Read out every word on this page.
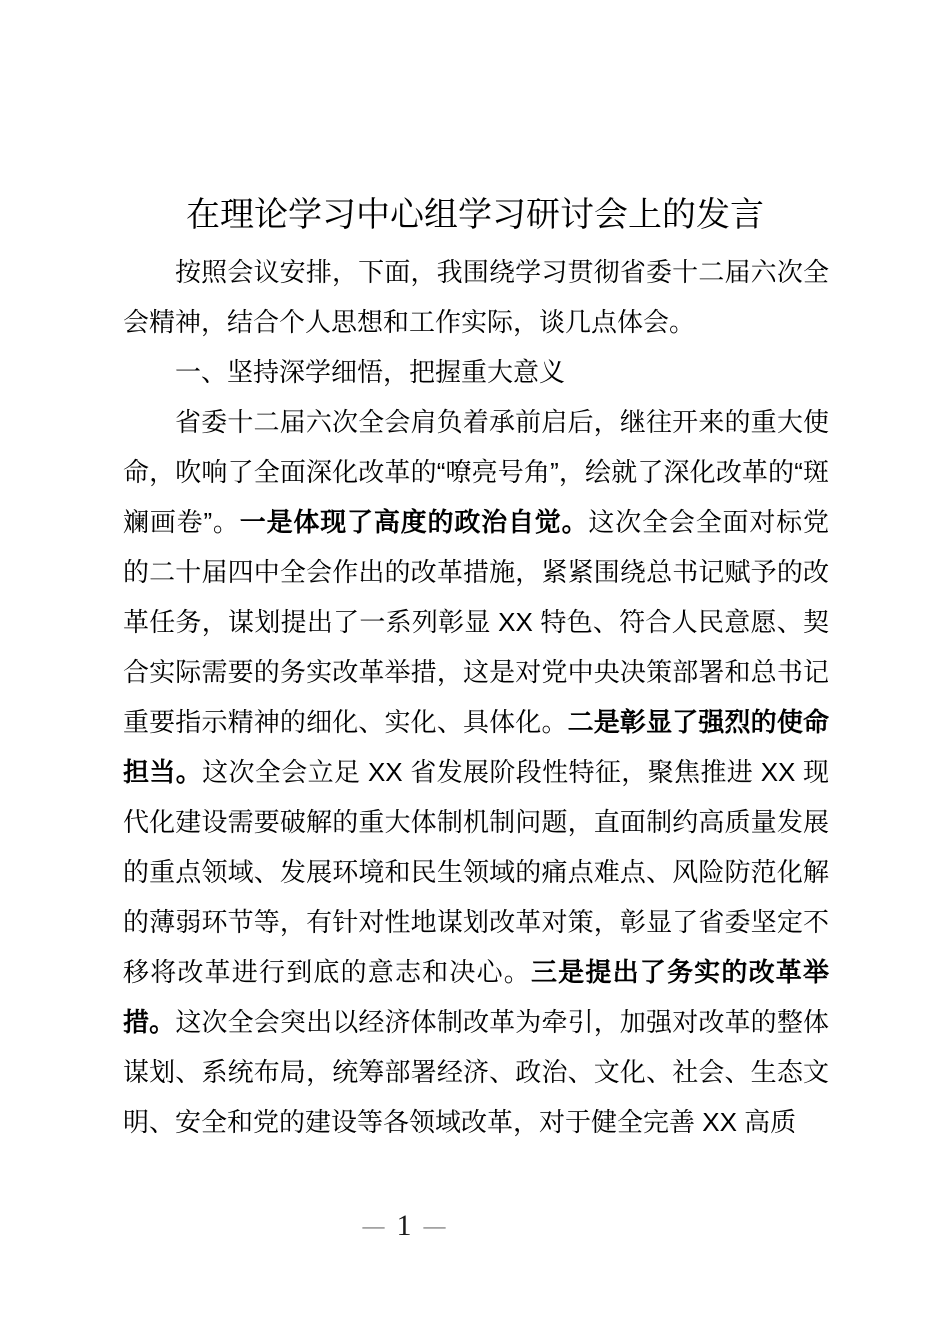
在理论学习中心组学习研讨会上的发言

按照会议安排，下面，我围绕学习贯彻省委十二届六次全会精神，结合个人思想和工作实际，谈几点体会。

一、坚持深学细悟，把握重大意义

省委十二届六次全会肩负着承前启后，继往开来的重大使命，吹响了全面深化改革的“嘹亮号角”，绘就了深化改革的“斑斓画卷”。一是体现了高度的政治自觉。这次全会全面对标党的二十届四中全会作出的改革措施，紧紧围绕总书记赋予的改革任务，谋划提出了一系列彰显 XX 特色、符合人民意愿、契合实际需要的务实改革举措，这是对党中央决策部署和总书记重要指示精神的细化、实化、具体化。二是彰显了强烈的使命担当。这次全会立足 XX 省发展阶段性特征，聚焦推进 XX 现代化建设需要破解的重大体制机制问题，直面制约高质量发展的重点领域、发展环境和民生领域的痛点难点、风险防范化解的薄弱环节等，有针对性地谋划改革对策，彰显了省委坚定不移将改革进行到底的意志和决心。三是提出了务实的改革举措。这次全会突出以经济体制改革为牵引，加强对改革的整体谋划、系统布局，统筹部署经济、政治、文化、社会、生态文明、安全和党的建设等各领域改革，对于健全完善 XX 高质

— 1 —
